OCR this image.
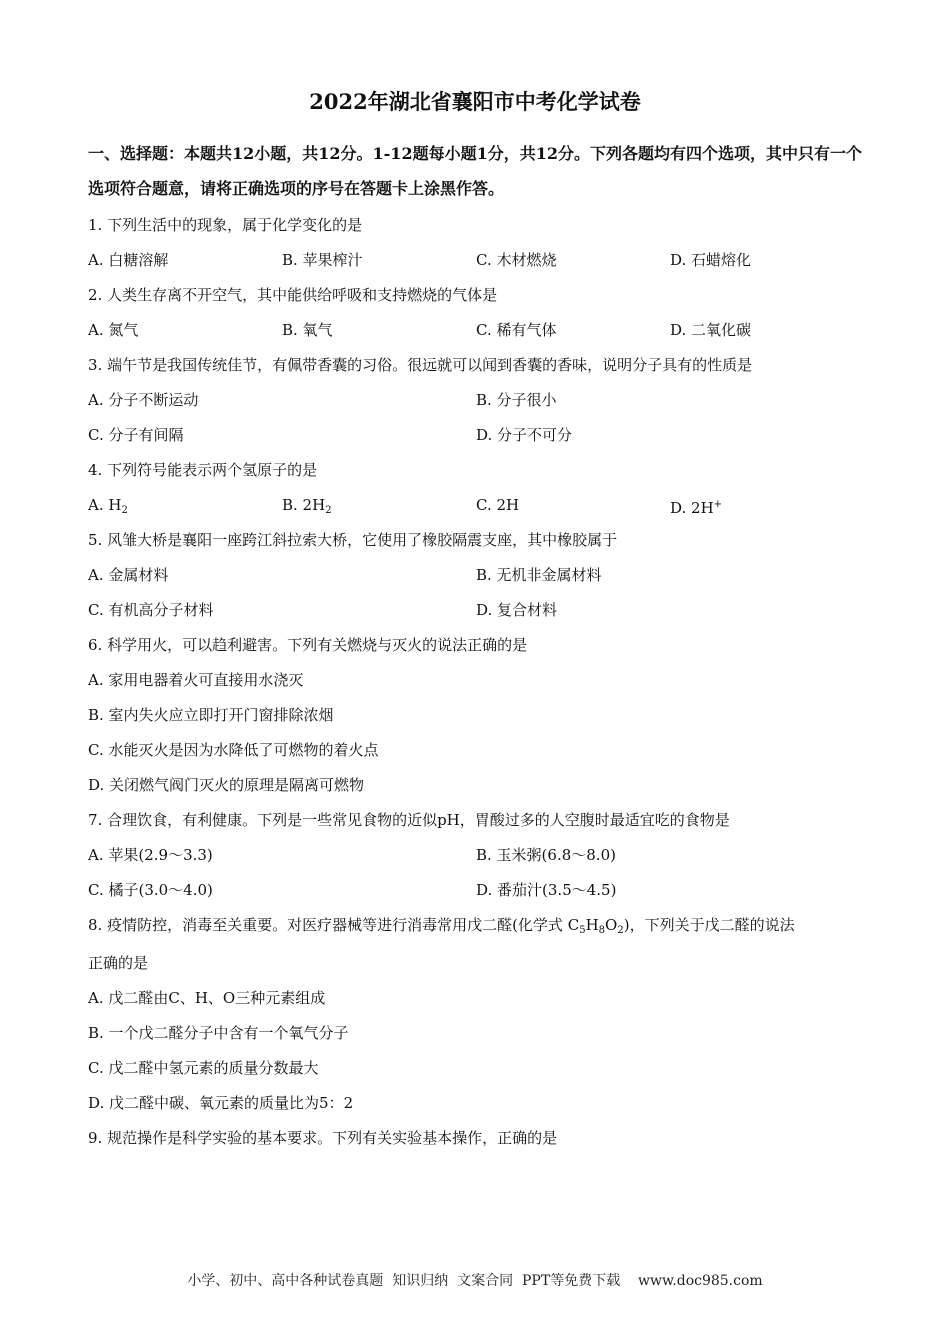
2022年湖北省襄阳市中考化学试卷
一、选择题：本题共12小题，共12分。1-12题每小题1分，共12分。下列各题均有四个选项，其中只有一个选项符合题意，请将正确选项的序号在答题卡上涂黑作答。
1. 下列生活中的现象，属于化学变化的是
A. 白糖溶解	B. 苹果榨汁	C. 木材燃烧	D. 石蜡熔化
2. 人类生存离不开空气，其中能供给呼吸和支持燃烧的气体是
A. 氮气	B. 氧气	C. 稀有气体	D. 二氧化碳
3. 端午节是我国传统佳节，有佩带香囊的习俗。很远就可以闻到香囊的香味，说明分子具有的性质是
A. 分子不断运动	B. 分子很小
C. 分子有间隔	D. 分子不可分
4. 下列符号能表示两个氢原子的是
A. $H_2$	B. $2H_2$	C. 2H	D. 2H+
5. 风雏大桥是襄阳一座跨江斜拉索大桥，它使用了橡胶隔震支座，其中橡胶属于
A. 金属材料	B. 无机非金属材料
C. 有机高分子材料	D. 复合材料
6. 科学用火，可以趋利避害。下列有关燃烧与灭火的说法正确的是
A. 家用电器着火可直接用水浇灭
B. 室内失火应立即打开门窗排除浓烟
C. 水能灭火是因为水降低了可燃物的着火点
D. 关闭燃气阀门灭火的原理是隔离可燃物
7. 合理饮食，有利健康。下列是一些常见食物的近似pH，胃酸过多的人空腹时最适宜吃的食物是
A. 苹果(2.9～3.3)	B. 玉米粥(6.8～8.0)
C. 橘子(3.0～4.0)	D. 番茄汁(3.5～4.5)
8. 疫情防控，消毒至关重要。对医疗器械等进行消毒常用戊二醛(化学式 $C_5H_8O_2$)，下列关于戊二醛的说法
正确的是
A. 戊二醛由C、H、O三种元素组成
B. 一个戊二醛分子中含有一个氧气分子
C. 戊二醛中氢元素的质量分数最大
D. 戊二醛中碳、氧元素的质量比为5：2
9. 规范操作是科学实验的基本要求。下列有关实验基本操作，正确的是
小学、初中、高中各种试卷真题  知识归纳  文案合同  PPT等免费下载    www.doc985.com
